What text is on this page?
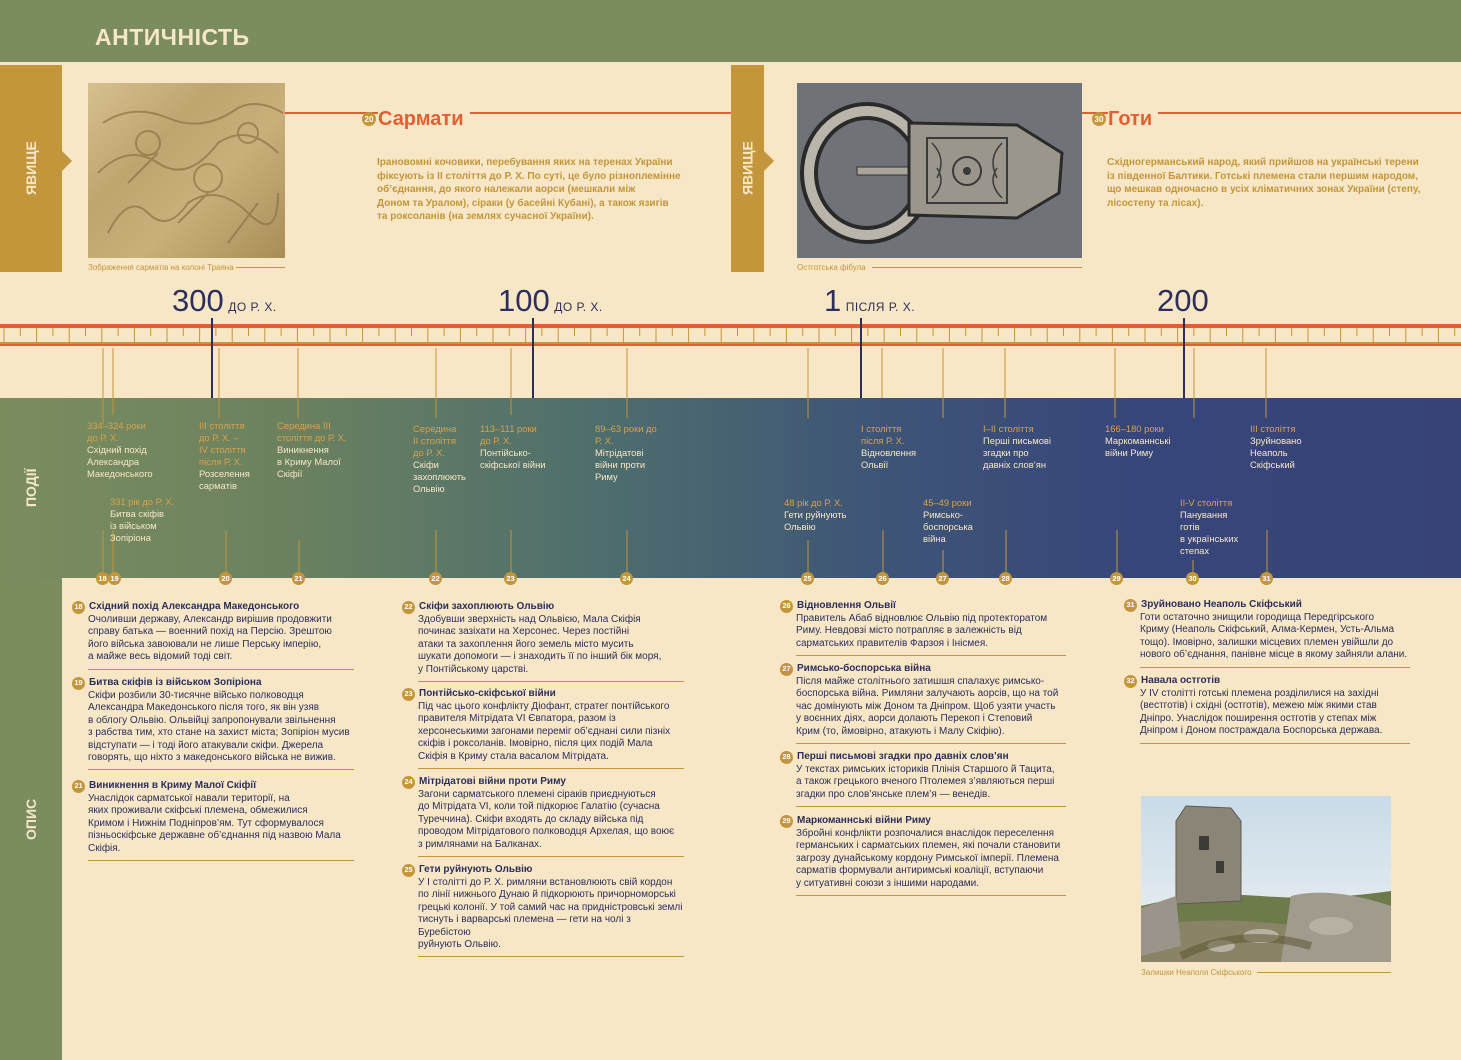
АНТИЧНІСТЬ
ЯВИЩЕ	ЯВИЩЕ
Зображення сарматів на колоні Траяна
20 Сармати
Ірановомні кочовики, перебування яких на теренах України
фіксують із II століття до Р. Х. По суті, це було різноплемінне
об’єднання, до якого належали аорси (мешкали між
Доном та Уралом), сіраки (у басейні Кубані), а також язигів
та роксоланів (на землях сучасної України).
Остготська фібула
30 Готи
Східногерманський народ, який прийшов на українські терени
із південної Балтики. Готські племена стали першим народом,
що мешкав одночасно в усіх кліматичних зонах України (степу,
лісостепу та лісах).
300 ДО Р. Х.	100 ДО Р. Х.	1 ПІСЛЯ Р. Х.	200
ПОДІЇ
334–324 роки
до Р. Х.
Східний похід
Александра
Македонського
331 рік до Р. Х.
Битва скіфів
із військом
Зопіріона
III століття
до Р. Х. –
IV століття
після Р. Х.
Розселення
сарматів
Середина III
століття до Р. Х.
Виникнення
в Криму Малої
Скіфії
Середина
II століття
до Р. Х.
Скіфи
захоплюють
Ольвію
113–111 роки
до Р. Х.
Понтійсько-
скіфської війни
89–63 роки до
Р. Х.
Мітрідатові
війни проти
Риму
48 рік до Р. Х.
Гети руйнують
Ольвію
I століття
після Р. Х.
Відновлення
Ольвії
45–49 роки
Римсько-
боспорська
війна
I–II століття
Перші письмові
згадки про
давніх слов’ян
166–180 роки
Маркоманнські
війни Риму
II-V століття
Панування
готів
в українських
степах
III століття
Зруйновано
Неаполь
Скіфський
18 19	20	21	22	23	24	25	26	27	28	29	30	31
ОПИС
18 Східний похід Александра Македонського
Очоливши державу, Александр вирішив продовжити
справу батька — военний похід на Персію. Зрештою
його війська завоювали не лише Перську імперію,
а майже весь відомий тоді світ.
19 Битва скіфів із військом Зопіріона
Скіфи розбили 30-тисячне військо полководця
Александра Македонського після того, як він узяв
в облогу Ольвію. Ольвійці запропонували звільнення
з рабства тим, хто стане на захист міста; Зопіріон мусив
відступати — і тоді його атакували скіфи. Джерела
говорять, що ніхто з македонського війська не вижив.
21 Виникнення в Криму Малої Скіфії
Унаслідок сарматської навали території, на
яких проживали скіфські племена, обмежилися
Кримом і Нижнім Подніпров’ям. Тут сформувалося
пізньоскіфське державне об’єднання під назвою Мала
Скіфія.
22 Скіфи захоплюють Ольвію
Здобувши зверхність над Ольвією, Мала Скіфія
починає зазіхати на Херсонес. Через постійні
атаки та захоплення його земель місто мусить
шукати допомоги — і знаходить її по інший бік моря,
у Понтійському царстві.
23 Понтійсько-скіфської війни
Під час цього конфлікту Діофант, стратег понтійського
правителя Мітрідата VI Євпатора, разом із
херсонеськими загонами переміг об’єднані сили пізніх
скіфів і роксоланів. Імовірно, після цих подій Мала
Скіфія в Криму стала васалом Мітрідата.
24 Мітрідатові війни проти Риму
Загони сарматського племені сіраків приєднуються
до Мітрідата VI, коли той підкорює Галатію (сучасна
Туреччина). Скіфи входять до складу війська під
проводом Мітрідатового полководця Архелая, що воює
з римлянами на Балканах.
25 Гети руйнують Ольвію
У I столітті до Р. Х. римляни встановлюють свій кордон
по лінії нижнього Дунаю й підкорюють причорноморські
грецькі колонії. У той самий час на придністровські землі
тиснуть і варварські племена — гети на чолі з Буребістою
руйнують Ольвію.
26 Відновлення Ольвії
Правитель Абаб відновлює Ольвію під протекторатом
Риму. Невдовзі місто потрапляє в залежність від
сарматських правителів Фарзоя і Інісмея.
27 Римсько-боспорська війна
Після майже столітнього затишшя спалахує римсько-
боспорська війна. Римляни залучають аорсів, що на той
час домінують між Доном та Дніпром. Щоб узяти участь
у воєнних діях, аорси долають Перекоп і Степовий
Крим (то, ймовірно, атакують і Малу Скіфію).
28 Перші письмові згадки про давніх слов’ян
У текстах римських істориків Плінія Старшого й Тацита,
а також грецького вченого Птолемея з’являються перші
згадки про слов’янське плем’я — венедів.
29 Маркоманнські війни Риму
Збройні конфлікти розпочалися внаслідок переселення
германських і сарматських племен, які почали становити
загрозу дунайському кордону Римської імперії. Племена
сарматів формували антиримські коаліції, вступаючи
у ситуативні союзи з іншими народами.
31 Зруйновано Неаполь Скіфський
Готи остаточно знищили городища Передгірського
Криму (Неаполь Скіфський, Алма-Кермен, Усть-Альма
тощо). Імовірно, залишки місцевих племен увійшли до
нового об’єднання, панівне місце в якому зайняли алани.
32 Навала остготів
У IV столітті готські племена розділилися на західні
(вестготів) і східні (остготів), межею між якими став
Дніпро. Унаслідок поширення остготів у степах між
Дніпром і Доном постраждала Боспорська держава.
Залишки Неаполя Скіфського
